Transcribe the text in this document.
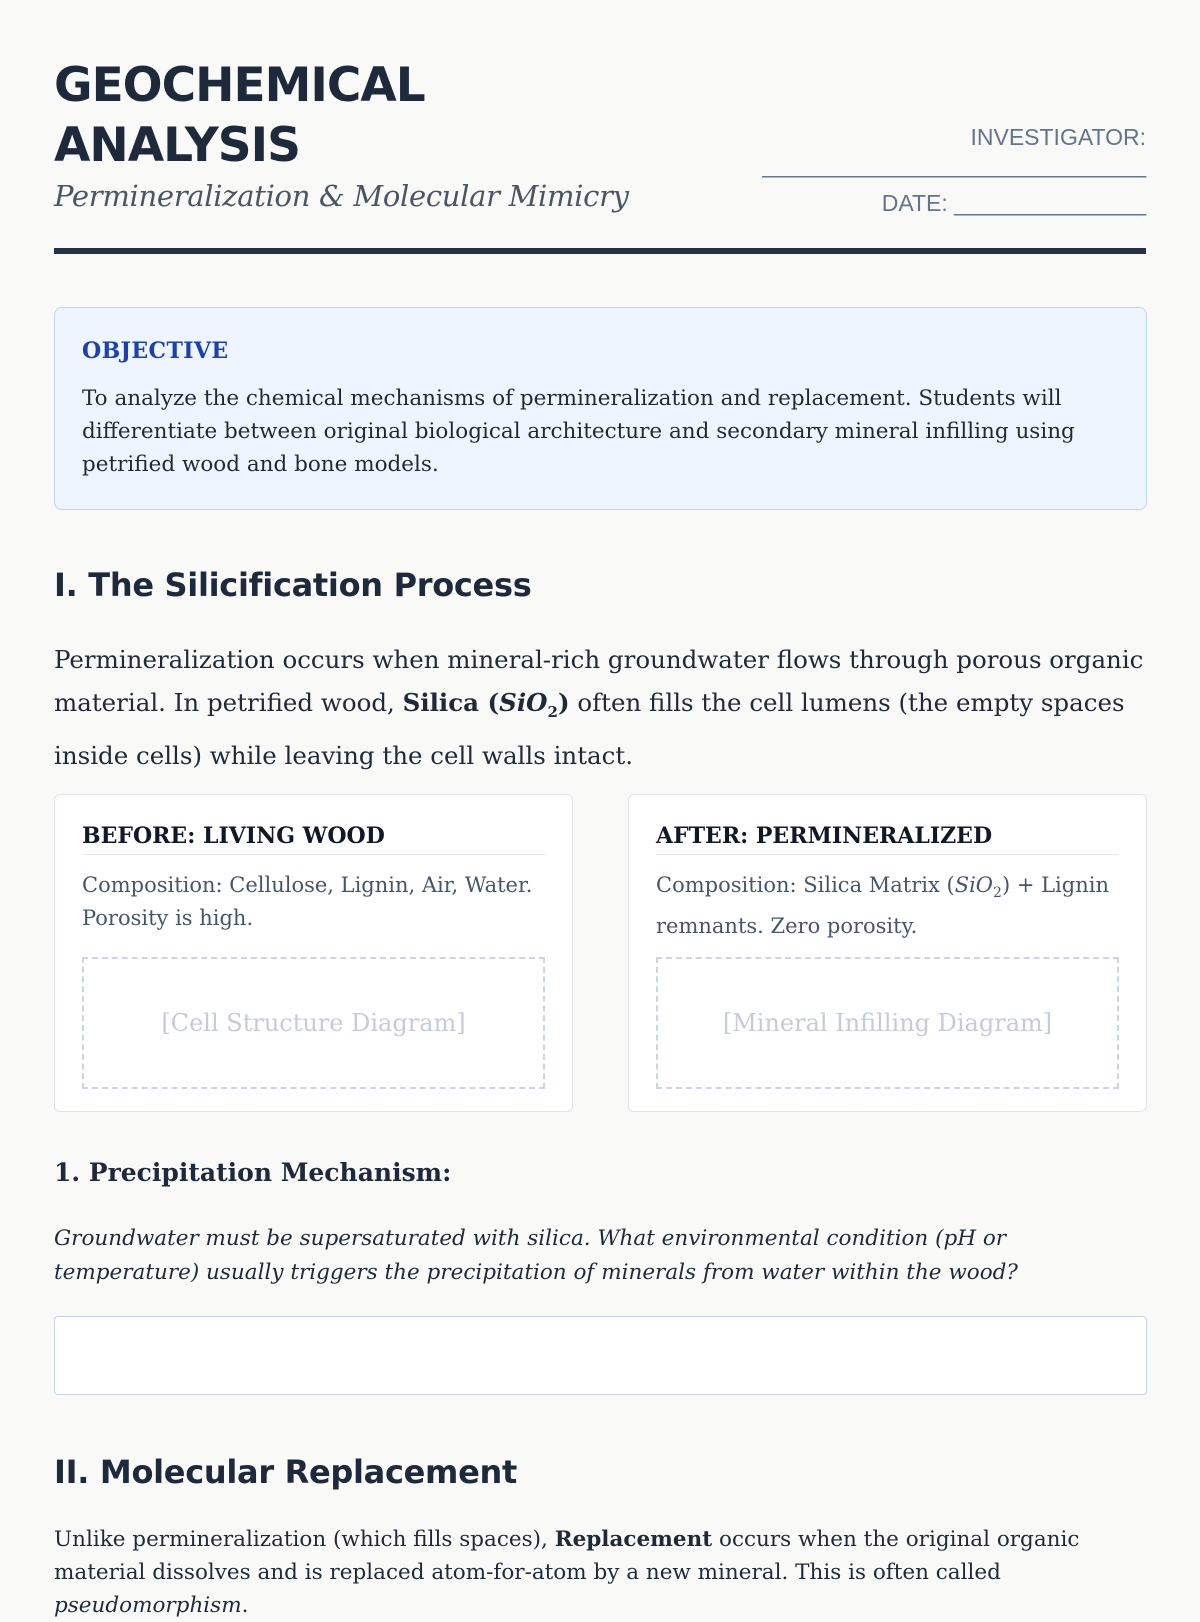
GEOCHEMICAL ANALYSIS
Permineralization & Molecular Mimicry
INVESTIGATOR:
______________________________
DATE: _______________
OBJECTIVE
To analyze the chemical mechanisms of permineralization and replacement. Students will differentiate between original biological architecture and secondary mineral infilling using petrified wood and bone models.
I. The Silicification Process
Permineralization occurs when mineral-rich groundwater flows through porous organic material. In petrified wood, Silica (SiO$_2$) often fills the cell lumens (the empty spaces inside cells) while leaving the cell walls intact.
BEFORE: LIVING WOOD
Composition: Cellulose, Lignin, Air, Water. Porosity is high.
[Cell Structure Diagram]
AFTER: PERMINERALIZED
Composition: Silica Matrix (SiO$_2$) + Lignin remnants. Zero porosity.
[Mineral Infilling Diagram]
1. Precipitation Mechanism:
Groundwater must be supersaturated with silica. What environmental condition (pH or temperature) usually triggers the precipitation of minerals from water within the wood?
II. Molecular Replacement
Unlike permineralization (which fills spaces), Replacement occurs when the original organic material dissolves and is replaced atom-for-atom by a new mineral. This is often called pseudomorphism.
